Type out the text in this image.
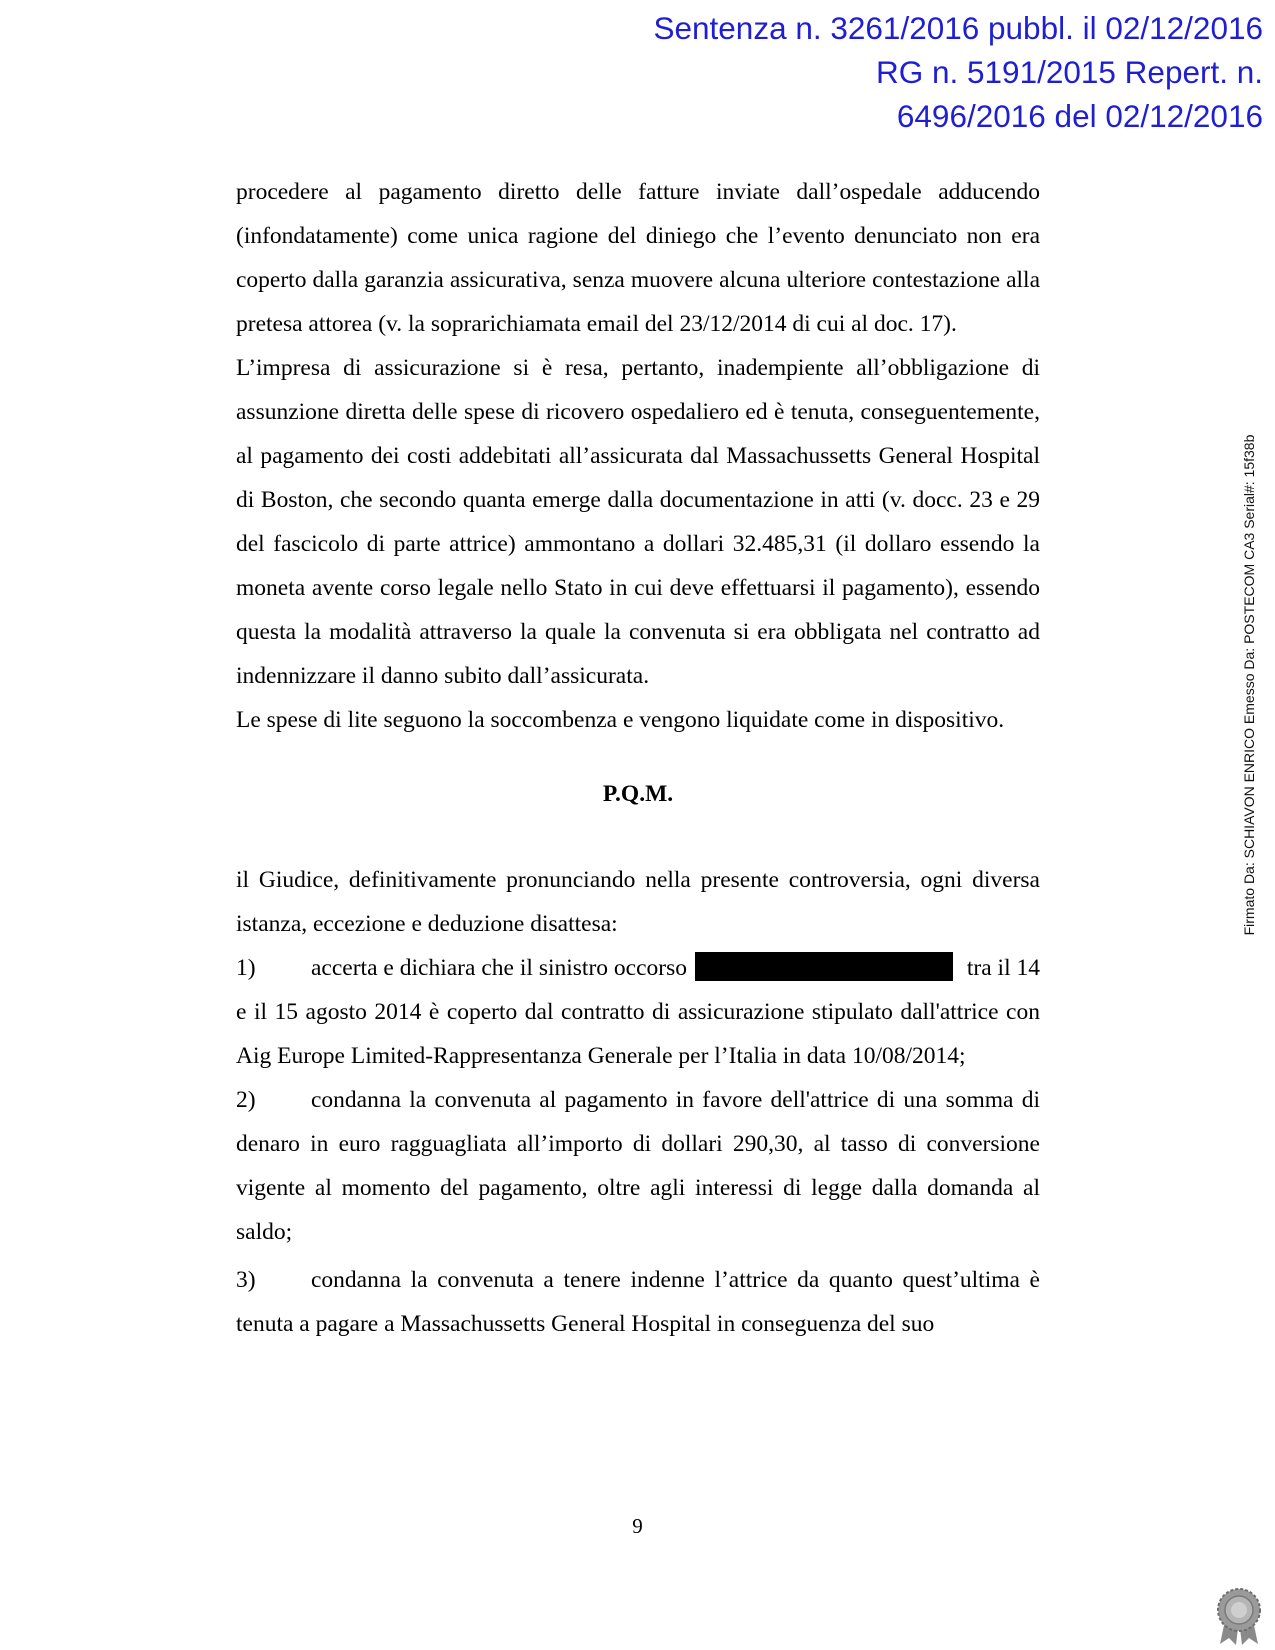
Sentenza n. 3261/2016 pubbl. il 02/12/2016
RG n. 5191/2015 Repert. n.
6496/2016 del 02/12/2016
Firmato Da: SCHIAVON ENRICO Emesso Da: POSTECOM CA3 Serial#: 15f38b

procedere al pagamento diretto delle fatture inviate dall’ospedale adducendo (infondatamente) come unica ragione del diniego che l’evento denunciato non era coperto dalla garanzia assicurativa, senza muovere alcuna ulteriore contestazione alla pretesa attorea (v. la soprarichiamata email del 23/12/2014 di cui al doc. 17).

L’impresa di assicurazione si è resa, pertanto, inadempiente all’obbligazione di assunzione diretta delle spese di ricovero ospedaliero ed è tenuta, conseguentemente, al pagamento dei costi addebitati all’assicurata dal Massachussetts General Hospital di Boston, che secondo quanta emerge dalla documentazione in atti (v. docc. 23 e 29 del fascicolo di parte attrice) ammontano a dollari 32.485,31 (il dollaro essendo la moneta avente corso legale nello Stato in cui deve effettuarsi il pagamento), essendo questa la modalità attraverso la quale la convenuta si era obbligata nel contratto ad indennizzare il danno subito dall’assicurata.

Le spese di lite seguono la soccombenza e vengono liquidate come in dispositivo.

P.Q.M.

il Giudice, definitivamente pronunciando nella presente controversia, ogni diversa istanza, eccezione e deduzione disattesa:

1) accerta e dichiara che il sinistro occorso	tra il 14 e il 15 agosto 2014 è coperto dal contratto di assicurazione stipulato dall'attrice con Aig Europe Limited-Rappresentanza Generale per l’Italia in data 10/08/2014;

2) condanna la convenuta al pagamento in favore dell'attrice di una somma di denaro in euro ragguagliata all’importo di dollari 290,30, al tasso di conversione vigente al momento del pagamento, oltre agli interessi di legge dalla domanda al saldo;

3) condanna la convenuta a tenere indenne l’attrice da quanto quest’ultima è tenuta a pagare a Massachussetts General Hospital in conseguenza del suo

9
